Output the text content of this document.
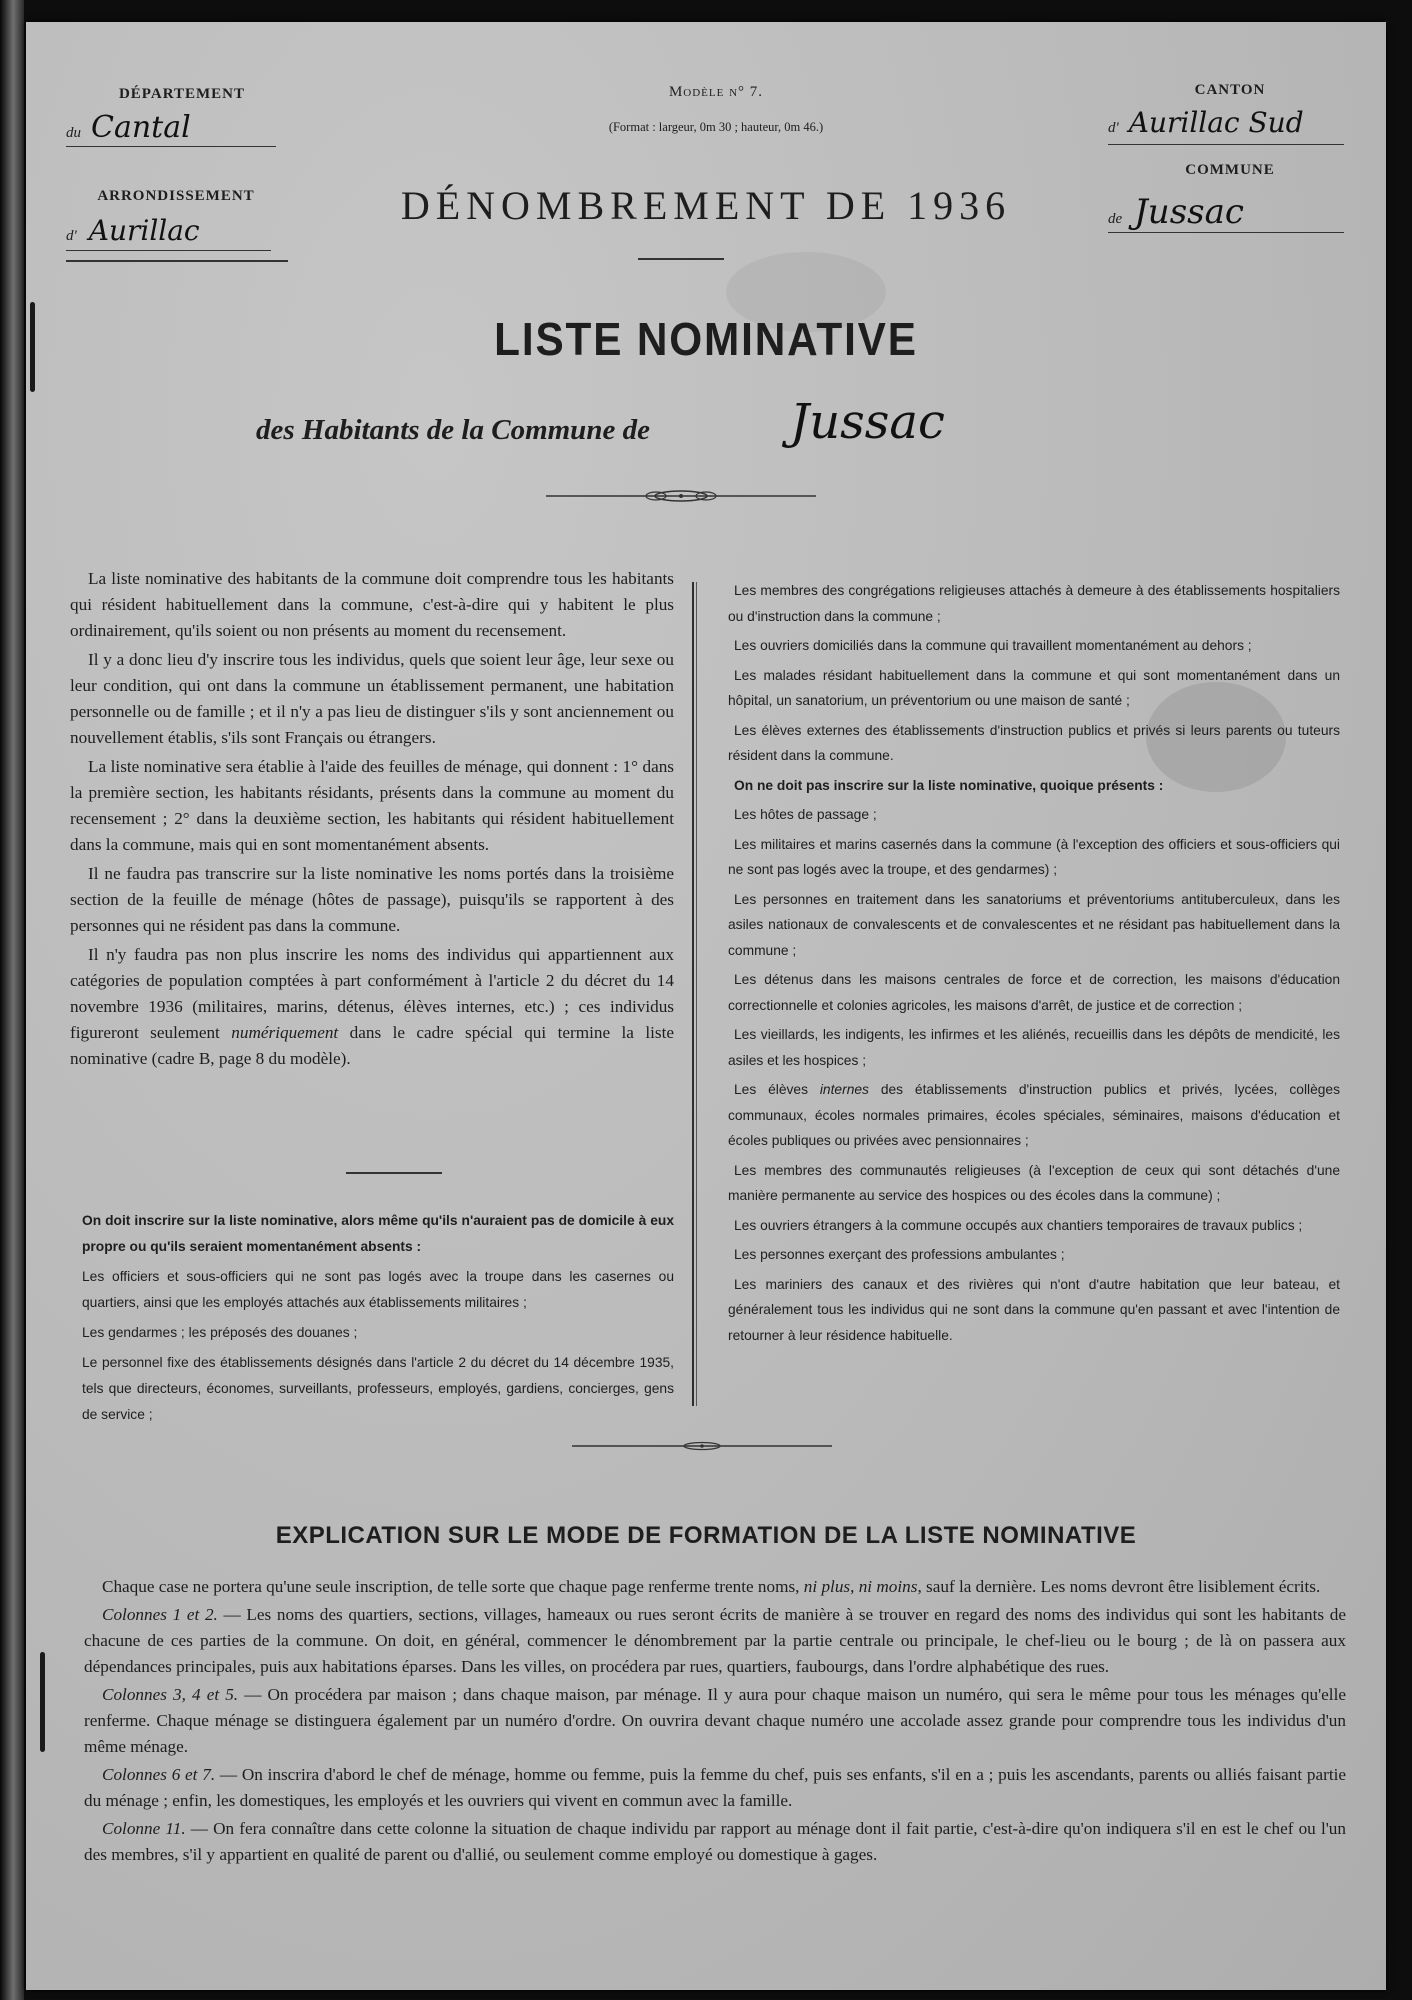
DÉPARTEMENT
du Cantal
ARRONDISSEMENT
d' Aurillac
Modèle n° 7.
(Format : largeur, 0m 30 ; hauteur, 0m 46.)
CANTON
d' Aurillac Sud
COMMUNE
de Jussac
DÉNOMBREMENT DE 1936
LISTE NOMINATIVE
des Habitants de la Commune de	Jussac

La liste nominative des habitants de la commune doit comprendre tous les habitants qui résident habituellement dans la commune, c'est-à-dire qui y habitent le plus ordinairement, qu'ils soient ou non présents au moment du recensement.

Il y a donc lieu d'y inscrire tous les individus, quels que soient leur âge, leur sexe ou leur condition, qui ont dans la commune un établissement permanent, une habitation personnelle ou de famille ; et il n'y a pas lieu de distinguer s'ils y sont anciennement ou nouvellement établis, s'ils sont Français ou étrangers.

La liste nominative sera établie à l'aide des feuilles de ménage, qui donnent : 1° dans la première section, les habitants résidants, présents dans la commune au moment du recensement ; 2° dans la deuxième section, les habitants qui résident habituellement dans la commune, mais qui en sont momentanément absents.

Il ne faudra pas transcrire sur la liste nominative les noms portés dans la troisième section de la feuille de ménage (hôtes de passage), puisqu'ils se rapportent à des personnes qui ne résident pas dans la commune.

Il n'y faudra pas non plus inscrire les noms des individus qui appartiennent aux catégories de population comptées à part conformément à l'article 2 du décret du 14 novembre 1936 (militaires, marins, détenus, élèves internes, etc.) ; ces individus figureront seulement numériquement dans le cadre spécial qui termine la liste nominative (cadre B, page 8 du modèle).

On doit inscrire sur la liste nominative, alors même qu'ils n'auraient pas de domicile à eux propre ou qu'ils seraient momentanément absents :

Les officiers et sous-officiers qui ne sont pas logés avec la troupe dans les casernes ou quartiers, ainsi que les employés attachés aux établissements militaires ;

Les gendarmes ; les préposés des douanes ;

Le personnel fixe des établissements désignés dans l'article 2 du décret du 14 décembre 1935, tels que directeurs, économes, surveillants, professeurs, employés, gardiens, concierges, gens de service ;

Les membres des congrégations religieuses attachés à demeure à des établissements hospitaliers ou d'instruction dans la commune ;

Les ouvriers domiciliés dans la commune qui travaillent momentanément au dehors ;

Les malades résidant habituellement dans la commune et qui sont momentanément dans un hôpital, un sanatorium, un préventorium ou une maison de santé ;

Les élèves externes des établissements d'instruction publics et privés si leurs parents ou tuteurs résident dans la commune.

On ne doit pas inscrire sur la liste nominative, quoique présents :

Les hôtes de passage ;

Les militaires et marins casernés dans la commune (à l'exception des officiers et sous-officiers qui ne sont pas logés avec la troupe, et des gendarmes) ;

Les personnes en traitement dans les sanatoriums et préventoriums antituberculeux, dans les asiles nationaux de convalescents et de convalescentes et ne résidant pas habituellement dans la commune ;

Les détenus dans les maisons centrales de force et de correction, les maisons d'éducation correctionnelle et colonies agricoles, les maisons d'arrêt, de justice et de correction ;

Les vieillards, les indigents, les infirmes et les aliénés, recueillis dans les dépôts de mendicité, les asiles et les hospices ;

Les élèves internes des établissements d'instruction publics et privés, lycées, collèges communaux, écoles normales primaires, écoles spéciales, séminaires, maisons d'éducation et écoles publiques ou privées avec pensionnaires ;

Les membres des communautés religieuses (à l'exception de ceux qui sont détachés d'une manière permanente au service des hospices ou des écoles dans la commune) ;

Les ouvriers étrangers à la commune occupés aux chantiers temporaires de travaux publics ;

Les personnes exerçant des professions ambulantes ;

Les mariniers des canaux et des rivières qui n'ont d'autre habitation que leur bateau, et généralement tous les individus qui ne sont dans la commune qu'en passant et avec l'intention de retourner à leur résidence habituelle.

EXPLICATION SUR LE MODE DE FORMATION DE LA LISTE NOMINATIVE

Chaque case ne portera qu'une seule inscription, de telle sorte que chaque page renferme trente noms, ni plus, ni moins, sauf la dernière. Les noms devront être lisiblement écrits.

Colonnes 1 et 2. — Les noms des quartiers, sections, villages, hameaux ou rues seront écrits de manière à se trouver en regard des noms des individus qui sont les habitants de chacune de ces parties de la commune. On doit, en général, commencer le dénombrement par la partie centrale ou principale, le chef-lieu ou le bourg ; de là on passera aux dépendances principales, puis aux habitations éparses. Dans les villes, on procédera par rues, quartiers, faubourgs, dans l'ordre alphabétique des rues.

Colonnes 3, 4 et 5. — On procédera par maison ; dans chaque maison, par ménage. Il y aura pour chaque maison un numéro, qui sera le même pour tous les ménages qu'elle renferme. Chaque ménage se distinguera également par un numéro d'ordre. On ouvrira devant chaque numéro une accolade assez grande pour comprendre tous les individus d'un même ménage.

Colonnes 6 et 7. — On inscrira d'abord le chef de ménage, homme ou femme, puis la femme du chef, puis ses enfants, s'il en a ; puis les ascendants, parents ou alliés faisant partie du ménage ; enfin, les domestiques, les employés et les ouvriers qui vivent en commun avec la famille.

Colonne 11. — On fera connaître dans cette colonne la situation de chaque individu par rapport au ménage dont il fait partie, c'est-à-dire qu'on indiquera s'il en est le chef ou l'un des membres, s'il y appartient en qualité de parent ou d'allié, ou seulement comme employé ou domestique à gages.
